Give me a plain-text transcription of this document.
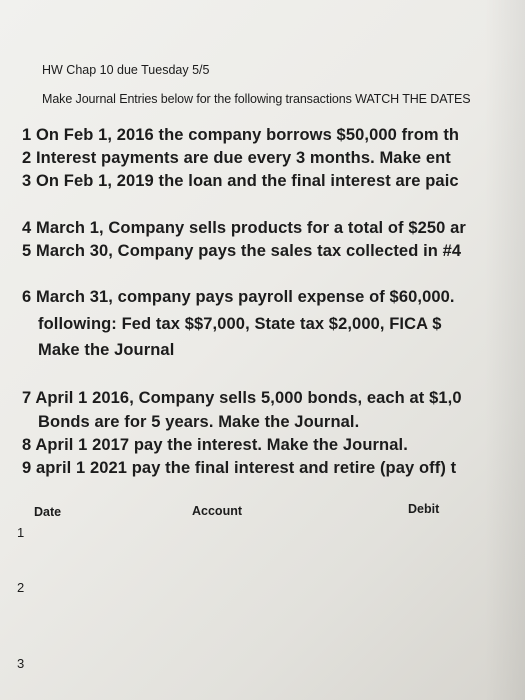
HW Chap 10 due Tuesday 5/5

Make Journal Entries below for the following transactions WATCH THE DATES

1 On Feb 1, 2016 the company borrows $50,000 from th
2 Interest payments are due every 3 months. Make ent
3 On Feb 1, 2019 the loan and the final interest are paic
4 March 1, Company sells products for a total of $250 ar
5 March 30, Company pays the sales tax collected in #4
6 March 31, company pays payroll expense of $60,000.
following: Fed tax $$7,000, State tax $2,000, FICA $
Make the Journal
7 April 1 2016, Company sells 5,000 bonds, each at $1,0
Bonds are for 5 years. Make the Journal.
8 April 1 2017 pay the interest. Make the Journal.
9 april 1 2021 pay the final interest and retire (pay off) t
Date	Account	Debit
1
2
3
